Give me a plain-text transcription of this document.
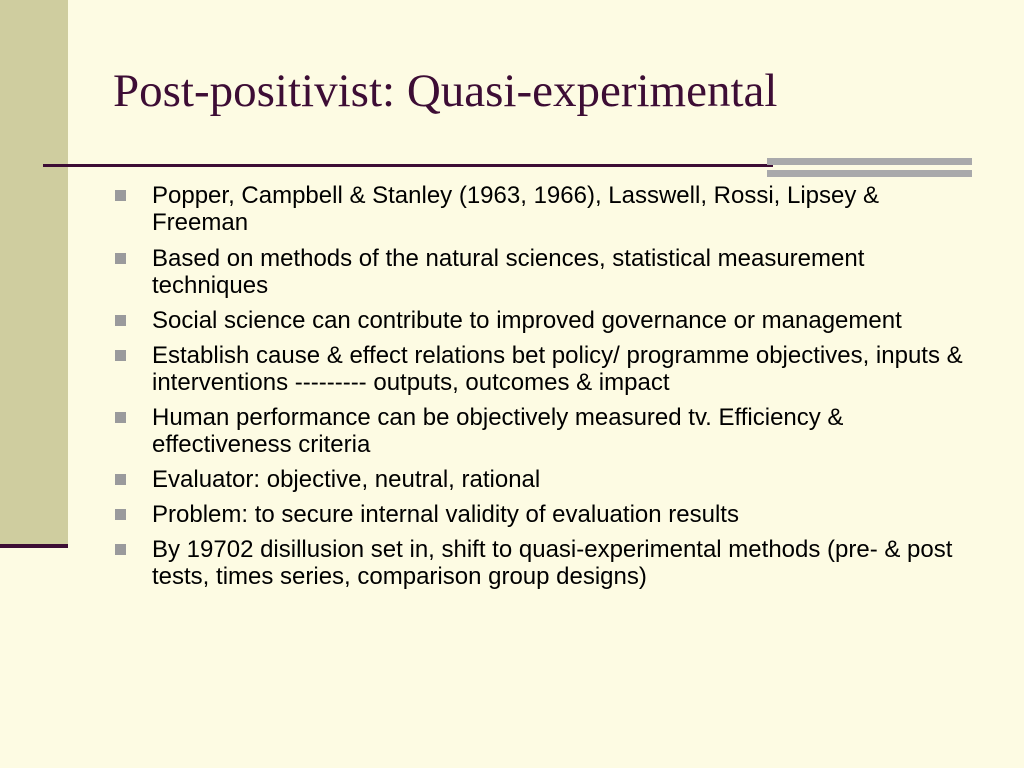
Post-positivist: Quasi-experimental
Popper, Campbell & Stanley (1963, 1966), Lasswell, Rossi, Lipsey & Freeman
Based on methods of the natural sciences, statistical measurement techniques
Social science can contribute to improved governance or management
Establish cause & effect relations bet policy/ programme objectives, inputs & interventions --------- outputs, outcomes & impact
Human performance can be objectively measured tv. Efficiency & effectiveness criteria
Evaluator: objective, neutral, rational
Problem: to secure internal validity of evaluation results
By 19702 disillusion set in, shift to quasi-experimental methods (pre- & post tests, times series, comparison group designs)
